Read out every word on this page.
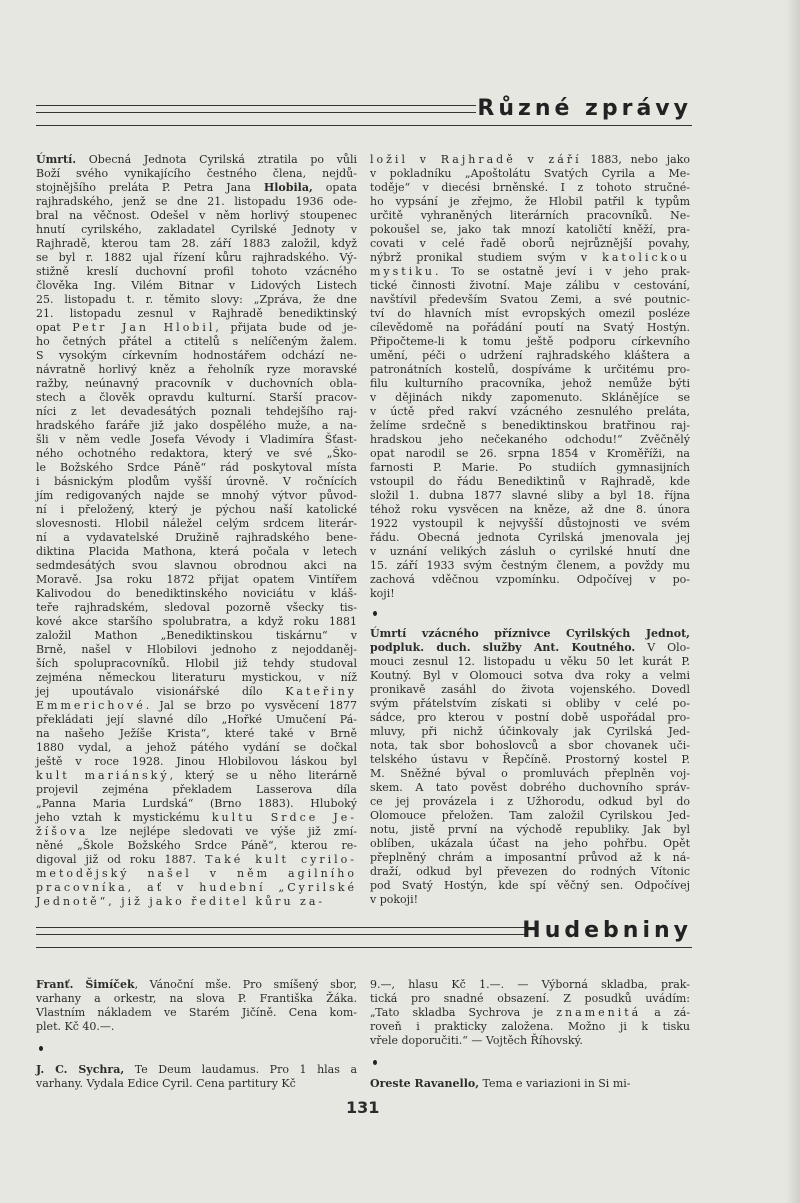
Různé zprávy
Úmrtí. Obecná Jednota Cyrilská ztratila po vůli
Boží svého vynikajícího čestného člena, nejdů-
stojnějšího preláta P. Petra Jana Hlobila, opata
rajhradského, jenž se dne 21. listopadu 1936 ode-
bral na věčnost. Odešel v něm horlivý stoupenec
hnutí cyrilského, zakladatel Cyrilské Jednoty v
Rajhradě, kterou tam 28. září 1883 založil, když
se byl r. 1882 ujal řízení kůru rajhradského. Vý-
stižně kreslí duchovní profil tohoto vzácného
člověka Ing. Vilém Bitnar v Lidových Listech
25. listopadu t. r. těmito slovy: „Zpráva, že dne
21. listopadu zesnul v Rajhradě benediktinský
opat Petr Jan Hlobil, přijata bude od je-
ho četných přátel a ctitelů s nelíčeným žalem.
S vysokým církevním hodnostářem odchází ne-
návratně horlivý kněz a řeholník ryze moravské
ražby, neúnavný pracovník v duchovních obla-
stech a člověk opravdu kulturní. Starší pracov-
níci z let devadesátých poznali tehdejšího raj-
hradského faráře již jako dospělého muže, a na-
šli v něm vedle Josefa Vévody i Vladimíra Šťast-
ného ochotného redaktora, který ve své „Ško-
le Božského Srdce Páně“ rád poskytoval místa
i básnickým plodům vyšší úrovně. V ročnících
jím redigovaných najde se mnohý výtvor původ-
ní i přeložený, který je pýchou naší katolické
slovesnosti. Hlobil náležel celým srdcem literár-
ní a vydavatelské Družině rajhradského bene-
diktina Placida Mathona, která počala v letech
sedmdesátých svou slavnou obrodnou akci na
Moravě. Jsa roku 1872 přijat opatem Vintířem
Kalivodou do benediktinského noviciátu v kláš-
teře rajhradském, sledoval pozorně všecky tis-
kové akce staršího spolubratra, a když roku 1881
založil Mathon „Benediktinskou tiskárnu“ v
Brně, našel v Hlobilovi jednoho z nejoddaněj-
ších spolupracovníků. Hlobil již tehdy studoval
zejména německou literaturu mystickou, v níž
jej upoutávalo visionářské dílo Kateřiny
Emmerichové. Jal se brzo po vysvěcení 1877
překládati její slavné dílo „Hořké Umučení Pá-
na našeho Ježíše Krista“, které také v Brně
1880 vydal, a jehož pátého vydání se dočkal
ještě v roce 1928. Jinou Hlobilovou láskou byl
kult mariánský, který se u něho literárně
projevil zejména překladem Lasserova díla
„Panna Maria Lurdská“ (Brno 1883). Hluboký
jeho vztah k mystickému kultu Srdce Je-
žíšova lze nejlépe sledovati ve výše již zmí-
něné „Škole Božského Srdce Páně“, kterou re-
digoval již od roku 1887. Také kult cyrilo-
metodějský našel v něm agilního
pracovníka, ať v hudební „Cyrilské
Jednotě“, již jako ředitel kůru za-
ložil v Rajhradě v září 1883, nebo jako
v pokladníku „Apoštolátu Svatých Cyrila a Me-
toděje“ v diecési brněnské. I z tohoto stručné-
ho vypsání je zřejmo, že Hlobil patřil k typům
určitě vyhraněných literárních pracovníků. Ne-
pokoušel se, jako tak mnozí katoličtí kněží, pra-
covati v celé řadě oborů nejrůznější povahy,
nýbrž pronikal studiem svým v katolickou
mystiku. To se ostatně jeví i v jeho prak-
tické činnosti životní. Maje zálibu v cestování,
navštívil především Svatou Zemi, a své poutnic-
tví do hlavních míst evropských omezil posléze
cílevědomě na pořádání poutí na Svatý Hostýn.
Připočteme-li k tomu ještě podporu církevního
umění, péči o udržení rajhradského kláštera a
patronátních kostelů, dospíváme k určitému pro-
filu kulturního pracovníka, jehož nemůže býti
v dějinách nikdy zapomenuto. Sklánějíce se
v úctě před rakví vzácného zesnulého preláta,
želíme srdečně s benediktinskou bratřinou raj-
hradskou jeho nečekaného odchodu!“ Zvěčnělý
opat narodil se 26. srpna 1854 v Kroměříži, na
farnosti P. Marie. Po studiích gymnasijních
vstoupil do řádu Benediktinů v Rajhradě, kde
složil 1. dubna 1877 slavné sliby a byl 18. října
téhož roku vysvěcen na kněze, až dne 8. února
1922 vystoupil k nejvyšší důstojnosti ve svém
řádu. Obecná jednota Cyrilská jmenovala jej
v uznání velikých zásluh o cyrilské hnutí dne
15. září 1933 svým čestným členem, a povždy mu
zachová vděčnou vzpomínku. Odpočívej v po-
koji!
Úmrtí vzácného příznivce Cyrilských Jednot,
podpluk. duch. služby Ant. Koutného. V Olo-
mouci zesnul 12. listopadu u věku 50 let kurát P.
Koutný. Byl v Olomouci sotva dva roky a velmi
pronikavě zasáhl do života vojenského. Dovedl
svým přátelstvím získati si obliby v celé po-
sádce, pro kterou v postní době uspořádal pro-
mluvy, při nichž účinkovaly jak Cyrilská Jed-
nota, tak sbor bohoslovců a sbor chovanek uči-
telského ústavu v Řepčíně. Prostorný kostel P.
M. Sněžné býval o promluvách přeplněn voj-
skem. A tato pověst dobrého duchovního správ-
ce jej provázela i z Užhorodu, odkud byl do
Olomouce přeložen. Tam založil Cyrilskou Jed-
notu, jistě první na východě republiky. Jak byl
oblíben, ukázala účast na jeho pohřbu. Opět
přeplněný chrám a imposantní průvod až k ná-
draží, odkud byl převezen do rodných Vítonic
pod Svatý Hostýn, kde spí věčný sen. Odpočívej
v pokoji!
Hudebniny
Franť. Šimíček, Vánoční mše. Pro smíšený sbor,
varhany a orkestr, na slova P. Františka Žáka.
Vlastním nákladem ve Starém Jičíně. Cena kom-
plet. Kč 40.—.
J. C. Sychra, Te Deum laudamus. Pro 1 hlas a
varhany. Vydala Edice Cyril. Cena partitury Kč
9.—, hlasu Kč 1.—. — Výborná skladba, prak-
tická pro snadné obsazení. Z posudků uvádím:
„Tato skladba Sychrova je znamenitá a zá-
roveň i prakticky založena. Možno ji k tisku
vřele doporučiti.“ — Vojtěch Říhovský.
Oreste Ravanello, Tema e variazioni in Si mi-
131
